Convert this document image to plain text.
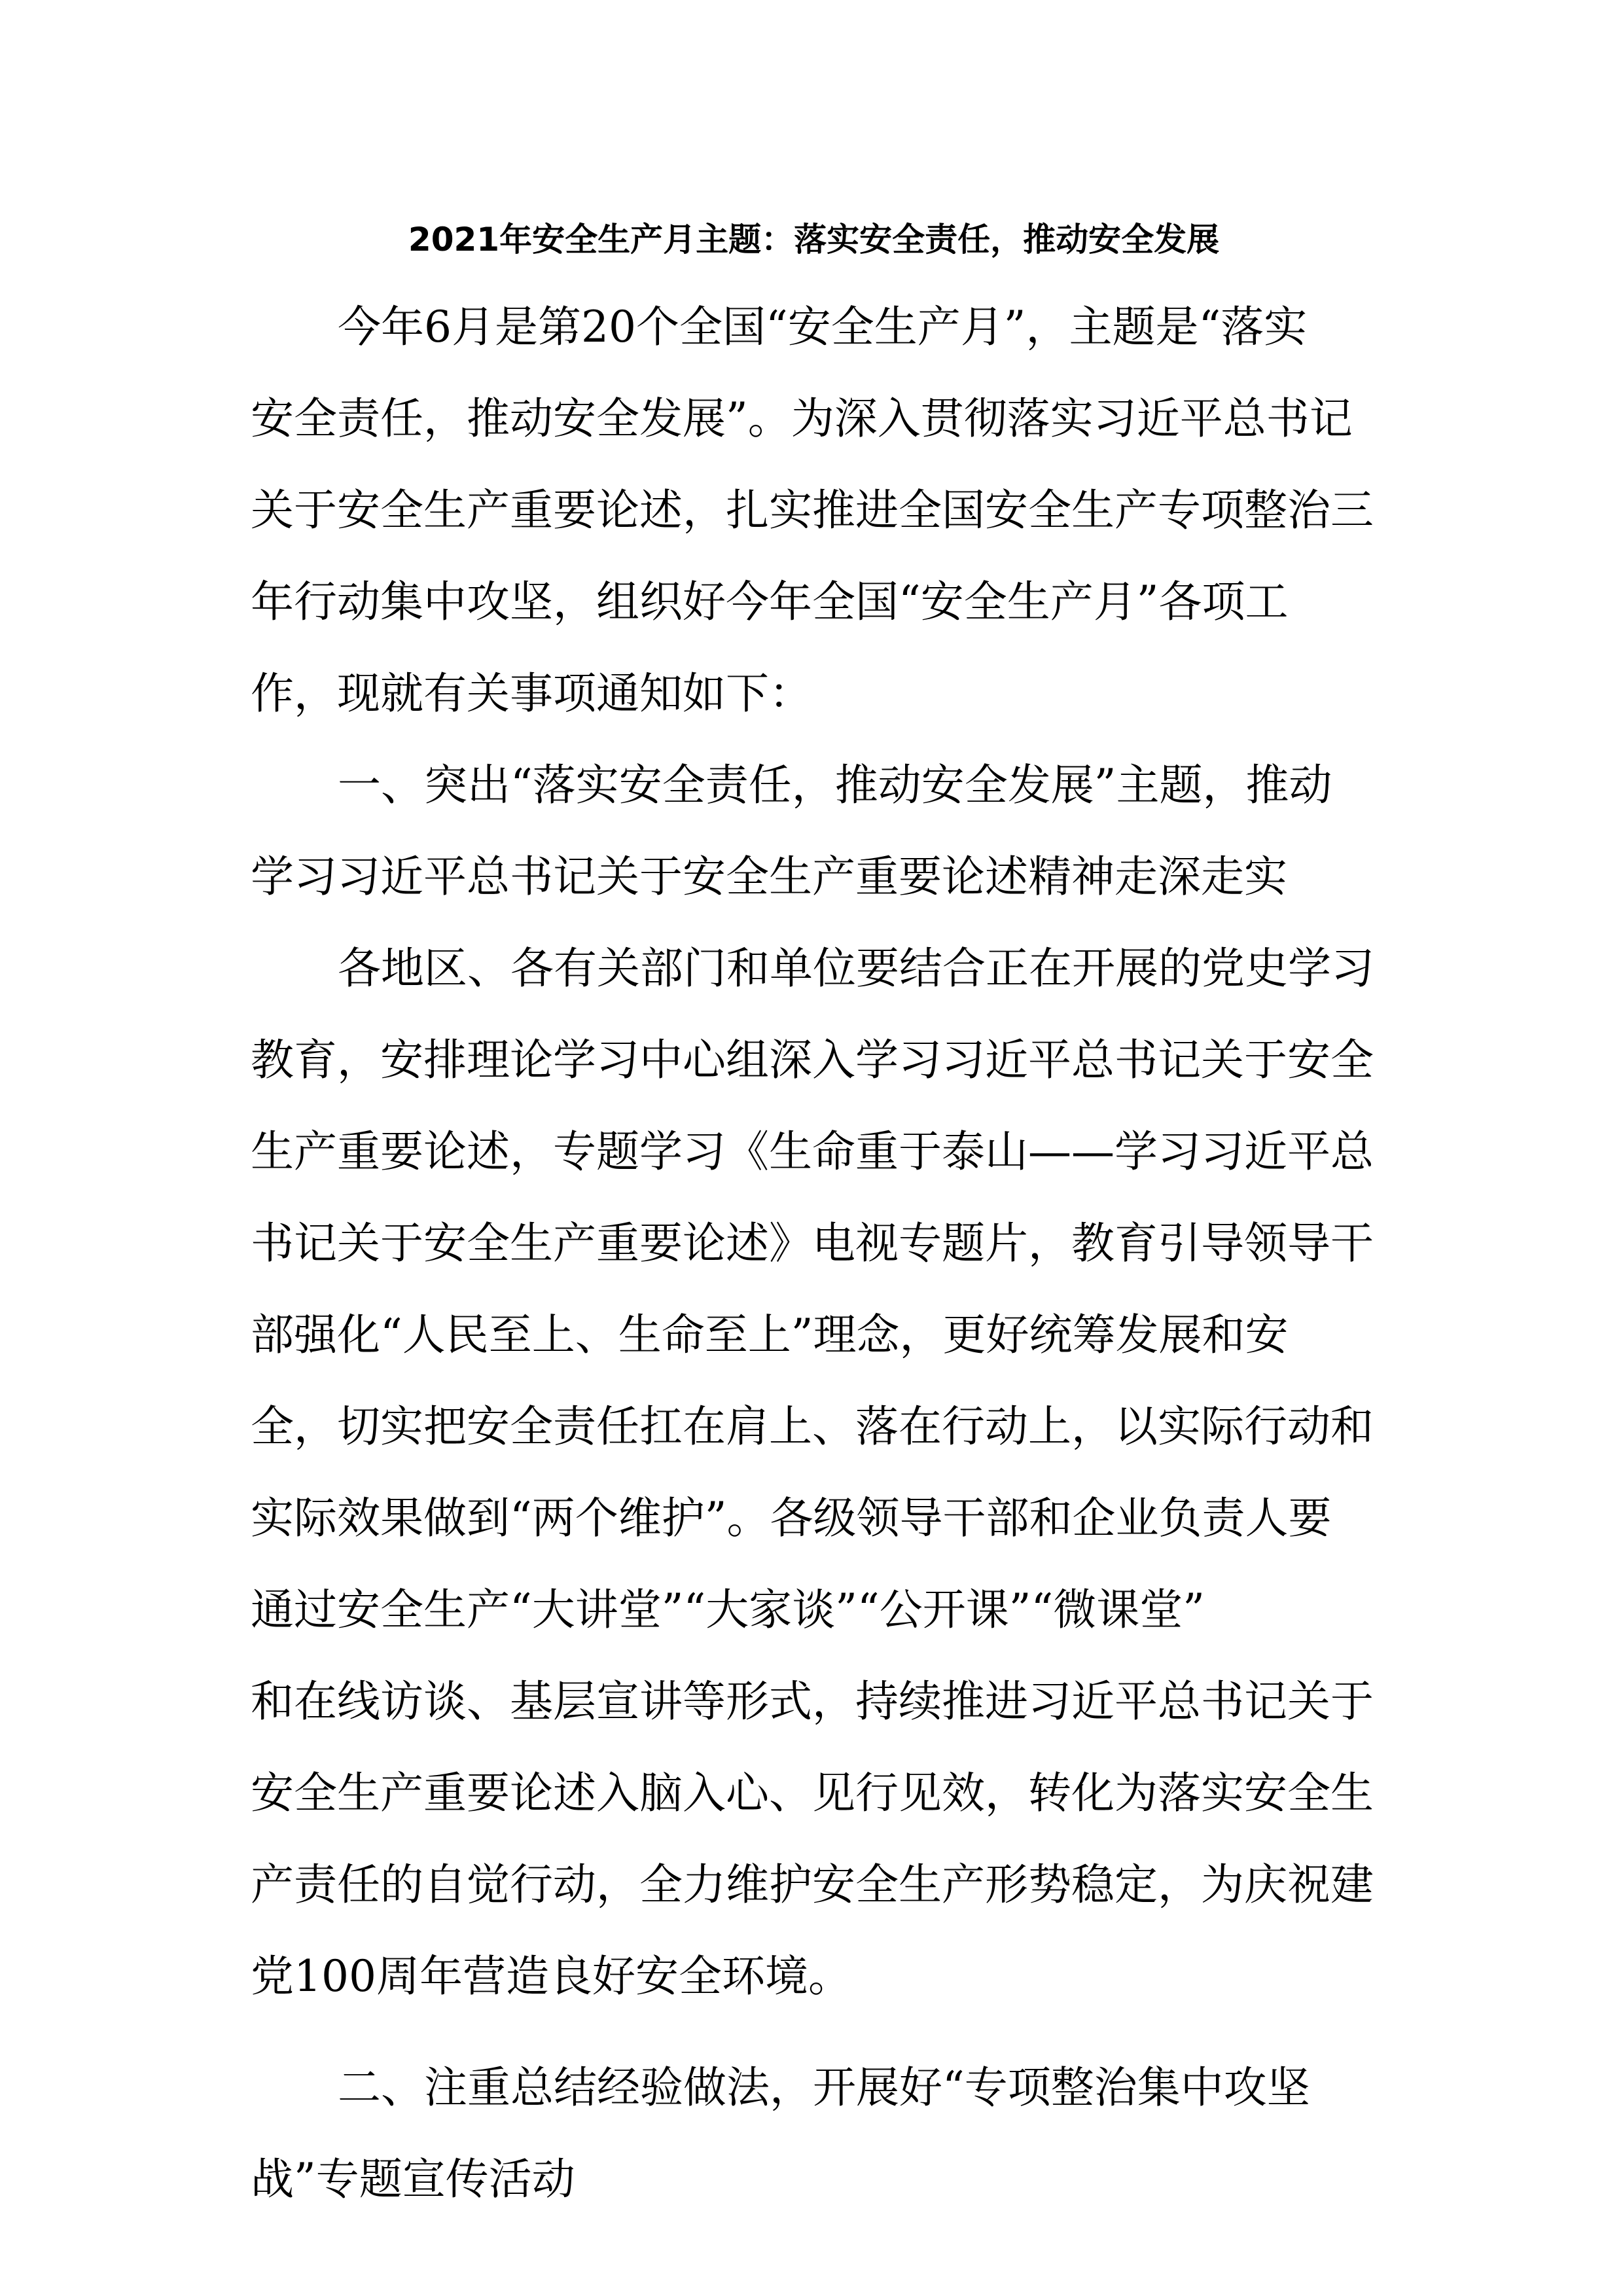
2021年安全生产月主题：落实安全责任，推动安全发展
今年6月是第20个全国“安全生产月”，主题是“落实
安全责任，推动安全发展”。为深入贯彻落实习近平总书记
关于安全生产重要论述，扎实推进全国安全生产专项整治三
年行动集中攻坚，组织好今年全国“安全生产月”各项工
作，现就有关事项通知如下：
一、突出“落实安全责任，推动安全发展”主题，推动
学习习近平总书记关于安全生产重要论述精神走深走实
各地区、各有关部门和单位要结合正在开展的党史学习
教育，安排理论学习中心组深入学习习近平总书记关于安全
生产重要论述，专题学习《生命重于泰山——学习习近平总
书记关于安全生产重要论述》电视专题片，教育引导领导干
部强化“人民至上、生命至上”理念，更好统筹发展和安
全，切实把安全责任扛在肩上、落在行动上，以实际行动和
实际效果做到“两个维护”。各级领导干部和企业负责人要
通过安全生产“大讲堂”“大家谈”“公开课”“微课堂”
和在线访谈、基层宣讲等形式，持续推进习近平总书记关于
安全生产重要论述入脑入心、见行见效，转化为落实安全生
产责任的自觉行动，全力维护安全生产形势稳定，为庆祝建
党100周年营造良好安全环境。
二、注重总结经验做法，开展好“专项整治集中攻坚
战”专题宣传活动
